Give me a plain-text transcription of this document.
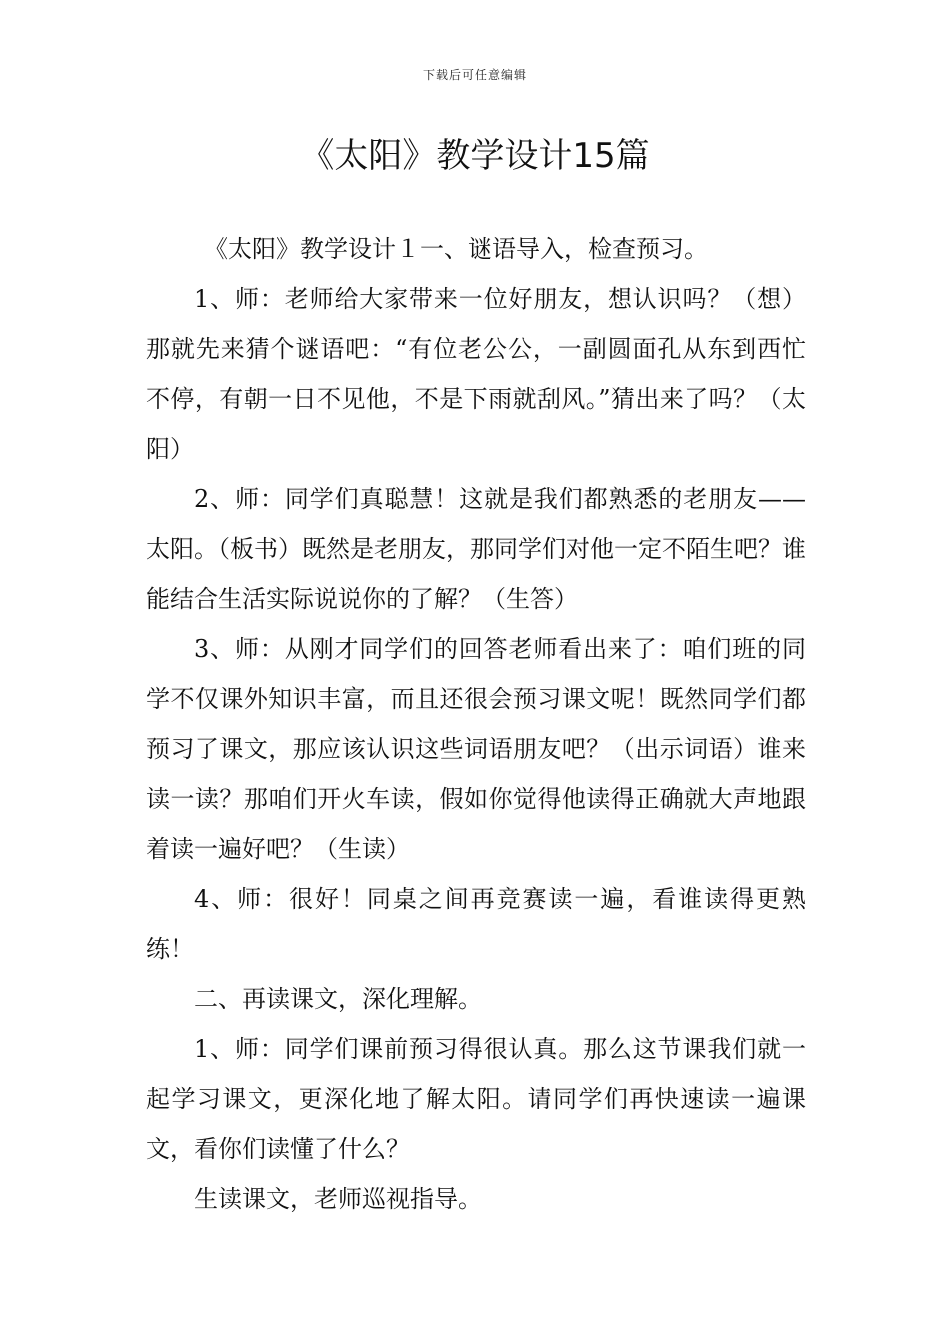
下载后可任意编辑
《太阳》教学设计15篇

《太阳》教学设计１一、谜语导入，检查预习。

1、师：老师给大家带来一位好朋友，想认识吗？（想）那就先来猜个谜语吧：“有位老公公，一副圆面孔从东到西忙不停，有朝一日不见他，不是下雨就刮风。”猜出来了吗？（太阳）

2、师：同学们真聪慧！这就是我们都熟悉的老朋友——太阳。（板书）既然是老朋友，那同学们对他一定不陌生吧？谁能结合生活实际说说你的了解？（生答）

3、师：从刚才同学们的回答老师看出来了：咱们班的同学不仅课外知识丰富，而且还很会预习课文呢！既然同学们都预习了课文，那应该认识这些词语朋友吧？（出示词语）谁来读一读？那咱们开火车读，假如你觉得他读得正确就大声地跟着读一遍好吧？（生读）

4、师：很好！同桌之间再竞赛读一遍，看谁读得更熟练！

二、再读课文，深化理解。

1、师：同学们课前预习得很认真。那么这节课我们就一起学习课文，更深化地了解太阳。请同学们再快速读一遍课文，看你们读懂了什么？

生读课文，老师巡视指导。
